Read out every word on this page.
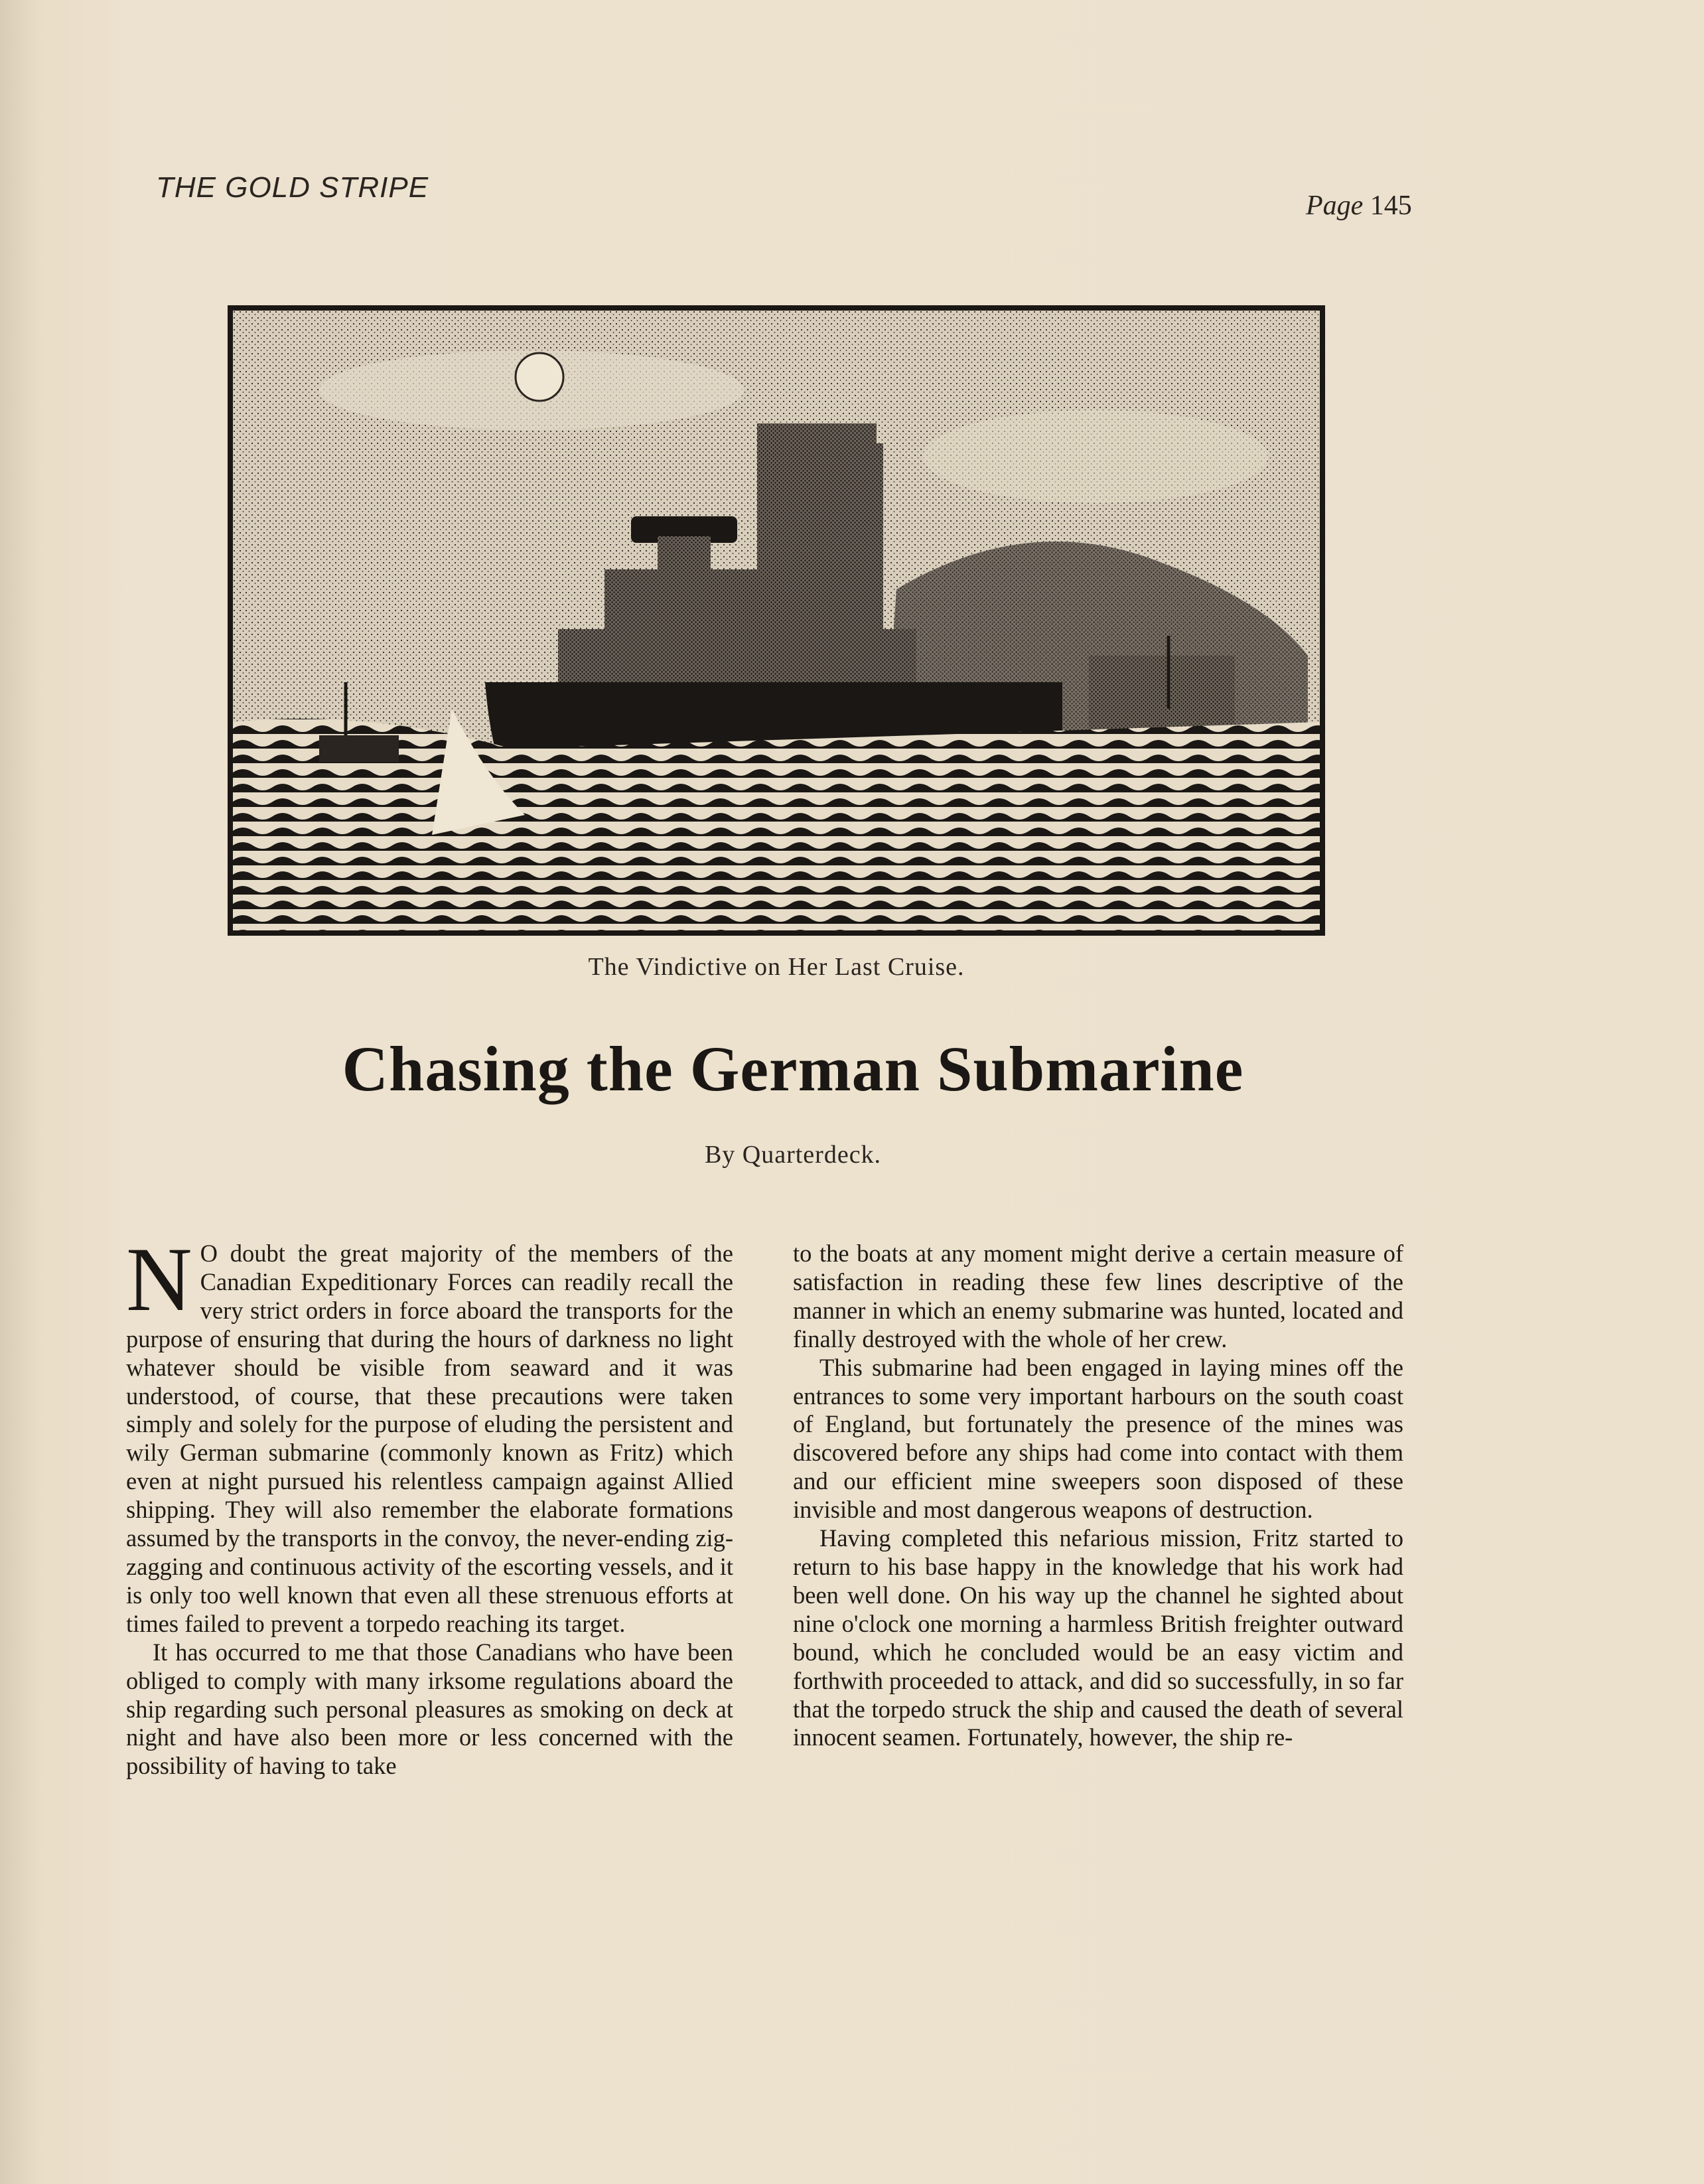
THE GOLD STRIPE
Page 145
The Vindictive on Her Last Cruise.
Chasing the German Submarine
By Quarterdeck.

N O doubt the great majority of the members of the Canadian Expeditionary Forces can readily recall the very strict orders in force aboard the transports for the purpose of ensuring that during the hours of darkness no light whatever should be visible from seaward and it was understood, of course, that these precautions were taken simply and solely for the purpose of eluding the persistent and wily German submarine (commonly known as Fritz) which even at night pursued his relentless campaign against Allied shipping. They will also remember the elaborate formations assumed by the transports in the convoy, the never-ending zig-zagging and continuous activity of the escorting vessels, and it is only too well known that even all these strenuous efforts at times failed to prevent a torpedo reaching its target.

It has occurred to me that those Canadians who have been obliged to comply with many irksome regulations aboard the ship regarding such personal pleasures as smoking on deck at night and have also been more or less concerned with the possibility of having to take

to the boats at any moment might derive a certain measure of satisfaction in reading these few lines descriptive of the manner in which an enemy submarine was hunted, located and finally destroyed with the whole of her crew.

This submarine had been engaged in laying mines off the entrances to some very important harbours on the south coast of England, but fortunately the presence of the mines was discovered before any ships had come into contact with them and our efficient mine sweepers soon disposed of these invisible and most dangerous weapons of destruction.

Having completed this nefarious mission, Fritz started to return to his base happy in the knowledge that his work had been well done. On his way up the channel he sighted about nine o'clock one morning a harmless British freighter outward bound, which he concluded would be an easy victim and forthwith proceeded to attack, and did so successfully, in so far that the torpedo struck the ship and caused the death of several innocent seamen. Fortunately, however, the ship re-
